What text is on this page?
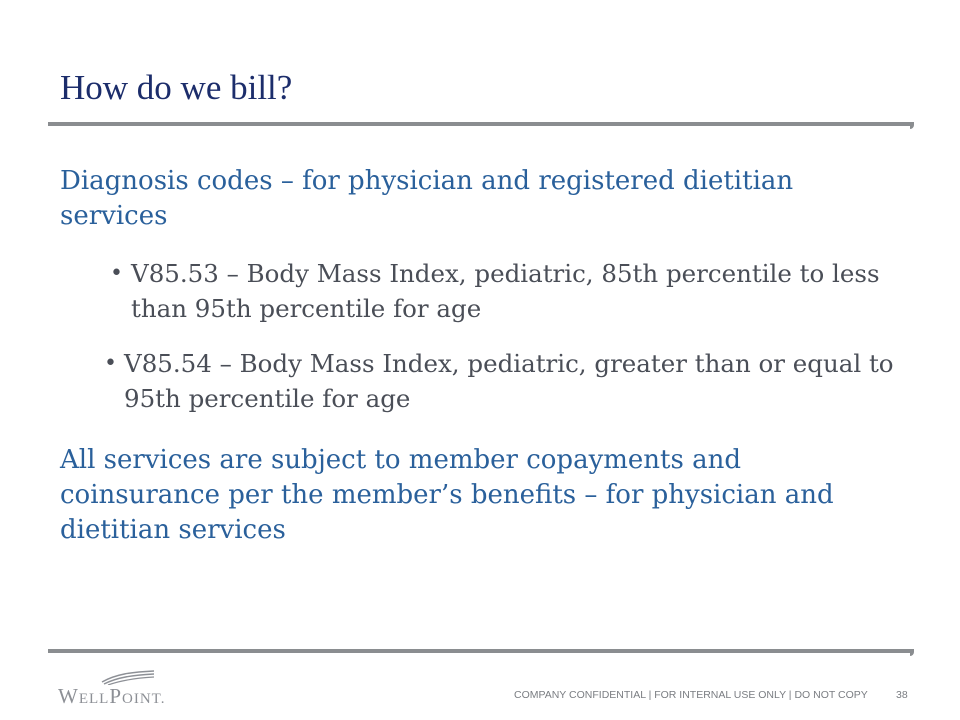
How do we bill?

Diagnosis codes – for physician and registered dietitian services

• V85.53 – Body Mass Index, pediatric, 85th percentile to less than 95th percentile for age

• V85.54 – Body Mass Index, pediatric, greater than or equal to 95th percentile for age

All services are subject to member copayments and coinsurance per the member’s benefits – for physician and dietitian services

WELLPOINT.	COMPANY CONFIDENTIAL | FOR INTERNAL USE ONLY | DO NOT COPY	38
